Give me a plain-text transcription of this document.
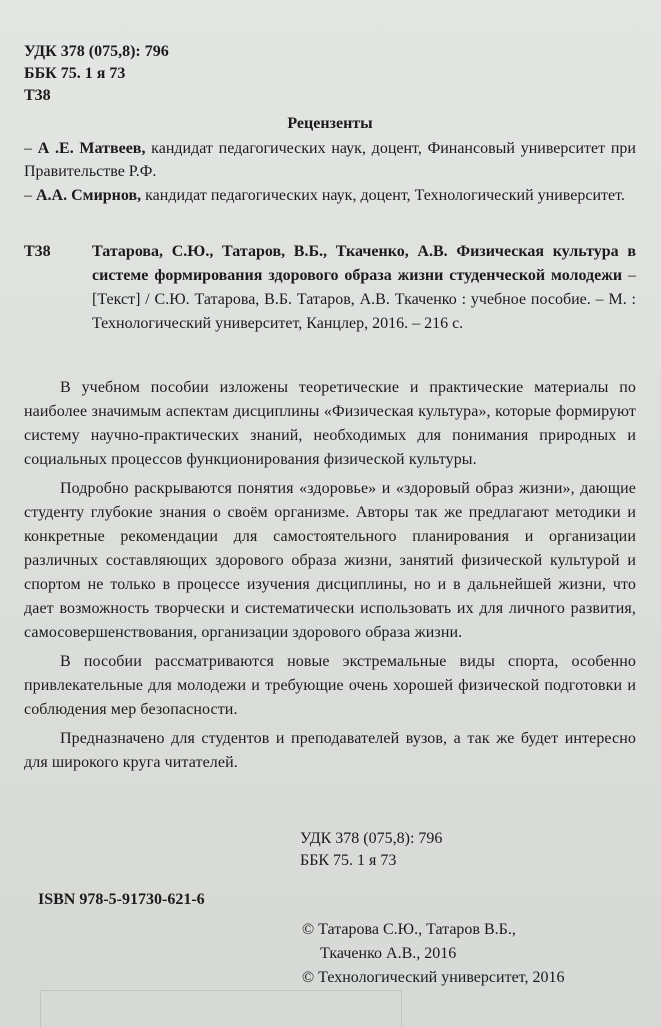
УДК 378 (075,8): 796
ББК 75. 1 я 73
Т38
Рецензенты
– А .Е. Матвеев, кандидат педагогических наук, доцент, Финансовый университет при Правительстве Р.Ф.
– А.А. Смирнов, кандидат педагогических наук, доцент, Технологический университет.
Т38	Татарова, С.Ю., Татаров, В.Б., Ткаченко, А.В. Физическая культура в системе формирования здорового образа жизни студенческой молодежи – [Текст] / С.Ю. Татарова, В.Б. Татаров, А.В. Ткаченко : учебное пособие. – М. : Технологический университет, Канцлер, 2016. – 216 с.

В учебном пособии изложены теоретические и практические материалы по наиболее значимым аспектам дисциплины «Физическая культура», которые формируют систему научно-практических знаний, необходимых для понимания природных и социальных процессов функционирования физической культуры.

Подробно раскрываются понятия «здоровье» и «здоровый образ жизни», дающие студенту глубокие знания о своём организме. Авторы так же предлагают методики и конкретные рекомендации для самостоятельного планирования и организации различных составляющих здорового образа жизни, занятий физической культурой и спортом не только в процессе изучения дисциплины, но и в дальнейшей жизни, что дает возможность творчески и систематически использовать их для личного развития, самосовершенствования, организации здорового образа жизни.

В пособии рассматриваются новые экстремальные виды спорта, особенно привлекательные для молодежи и требующие очень хорошей физической подготовки и соблюдения мер безопасности.

Предназначено для студентов и преподавателей вузов, а так же будет интересно для широкого круга читателей.

УДК 378 (075,8): 796
ББК 75. 1 я 73
ISBN 978-5-91730-621-6
© Татарова С.Ю., Татаров В.Б.,
Ткаченко А.В., 2016
© Технологический университет, 2016
